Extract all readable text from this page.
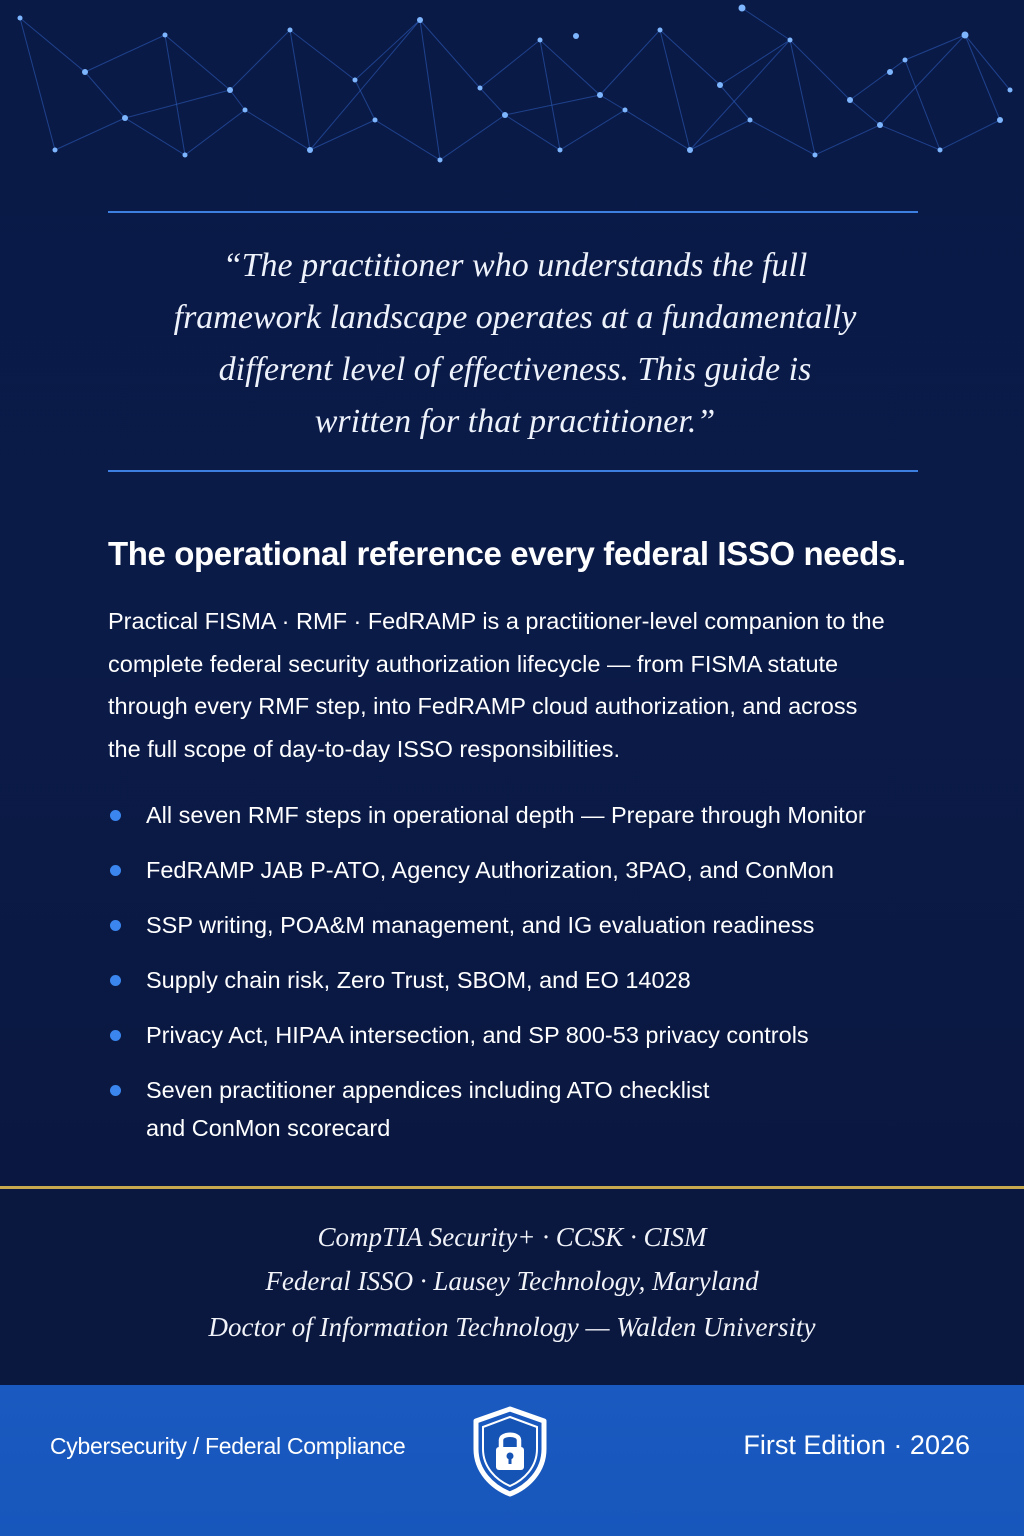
“The practitioner who understands the full
framework landscape operates at a fundamentally
different level of effectiveness. This guide is
written for that practitioner.”

The operational reference every federal ISSO needs.

Practical FISMA · RMF · FedRAMP is a practitioner-level companion to the
complete federal security authorization lifecycle — from FISMA statute
through every RMF step, into FedRAMP cloud authorization, and across
the full scope of day-to-day ISSO responsibilities.

All seven RMF steps in operational depth — Prepare through Monitor
FedRAMP JAB P-ATO, Agency Authorization, 3PAO, and ConMon
SSP writing, POA&M management, and IG evaluation readiness
Supply chain risk, Zero Trust, SBOM, and EO 14028
Privacy Act, HIPAA intersection, and SP 800-53 privacy controls
Seven practitioner appendices including ATO checklist
and ConMon scorecard
CompTIA Security+ · CCSK · CISM
Federal ISSO · Lausey Technology, Maryland
Doctor of Information Technology — Walden University
Cybersecurity / Federal Compliance	First Edition · 2026
